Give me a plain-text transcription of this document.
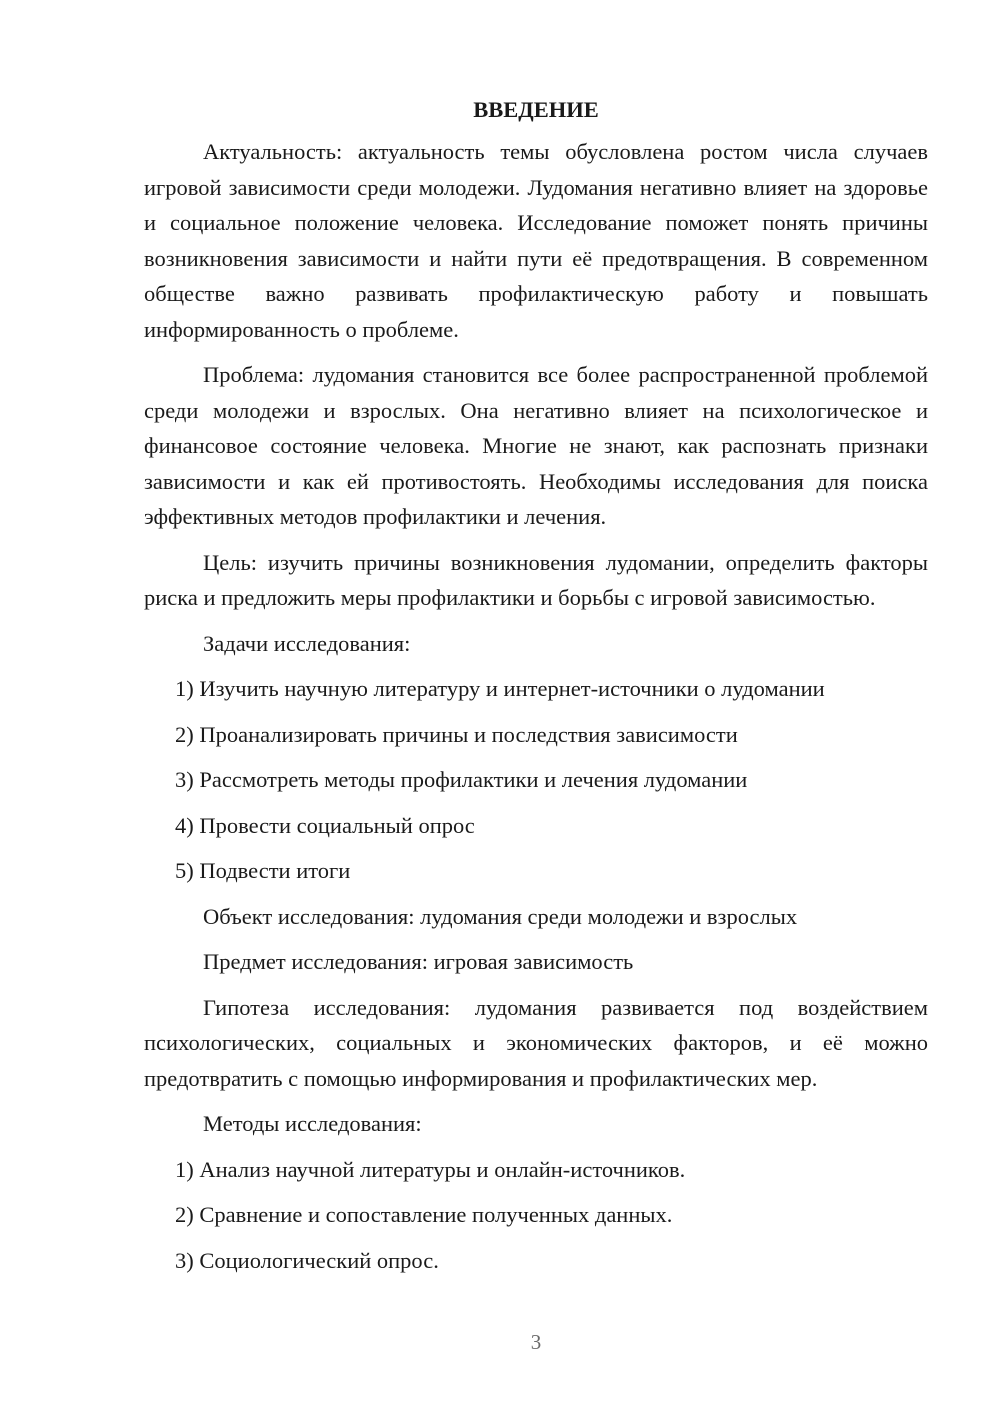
ВВЕДЕНИЕ

Актуальность: актуальность темы обусловлена ростом числа случаев игровой зависимости среди молодежи. Лудомания негативно влияет на здоровье и социальное положение человека. Исследование поможет понять причины возникновения зависимости и найти пути её предотвращения. В современном обществе важно развивать профилактическую работу и повышать информированность о проблеме.

Проблема: лудомания становится все более распространенной проблемой среди молодежи и взрослых. Она негативно влияет на психологическое и финансовое состояние человека. Многие не знают, как распознать признаки зависимости и как ей противостоять. Необходимы исследования для поиска эффективных методов профилактики и лечения.

Цель: изучить причины возникновения лудомании, определить факторы риска и предложить меры профилактики и борьбы с игровой зависимостью.

Задачи исследования:
1) Изучить научную литературу и интернет-источники о лудомании
2) Проанализировать причины и последствия зависимости
3) Рассмотреть методы профилактики и лечения лудомании
4) Провести социальный опрос
5) Подвести итоги
Объект исследования: лудомания среди молодежи и взрослых
Предмет исследования: игровая зависимость

Гипотеза исследования: лудомания развивается под воздействием психологических, социальных и экономических факторов, и её можно предотвратить с помощью информирования и профилактических мер.

Методы исследования:
1) Анализ научной литературы и онлайн-источников.
2) Сравнение и сопоставление полученных данных.
3) Социологический опрос.
3
